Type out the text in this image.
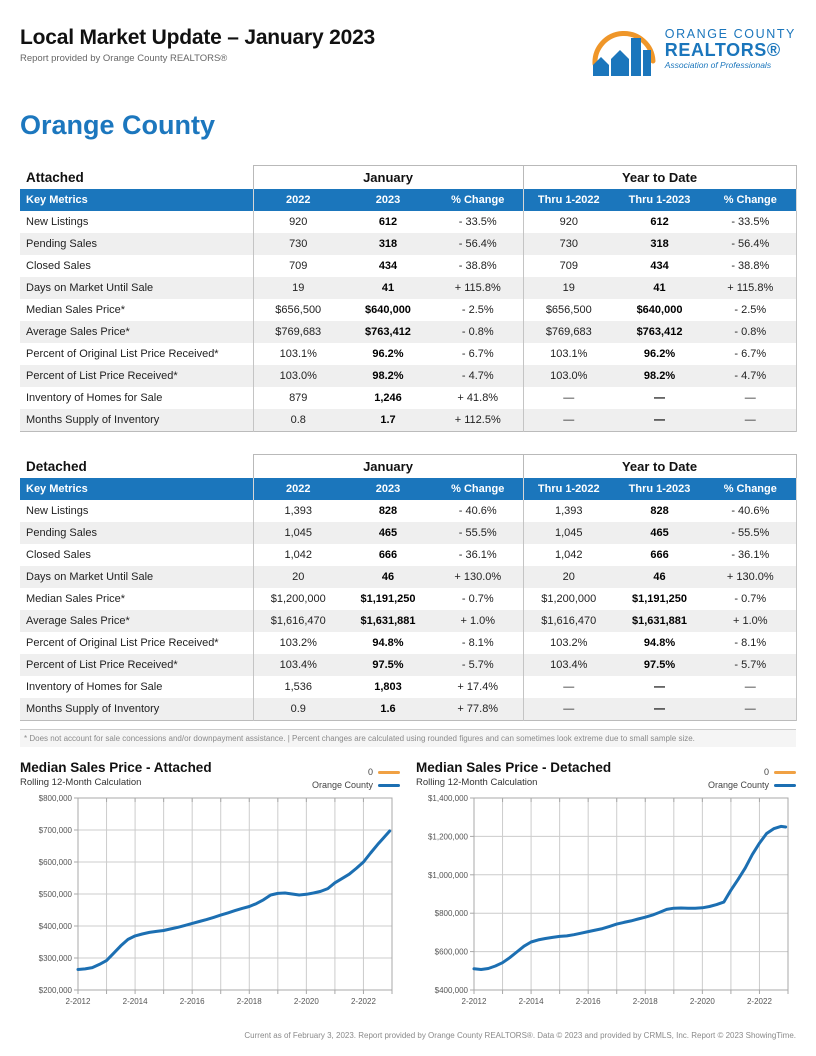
Local Market Update – January 2023
Report provided by Orange County REALTORS®
ORANGE COUNTY
REALTORS®
Association of Professionals
Orange County
Attached	January			Year to Date		
Key Metrics	2022	2023	% Change	Thru 1-2022	Thru 1-2023	% Change
New Listings	920	612	- 33.5%	920	612	- 33.5%
Pending Sales	730	318	- 56.4%	730	318	- 56.4%
Closed Sales	709	434	- 38.8%	709	434	- 38.8%
Days on Market Until Sale	19	41	+ 115.8%	19	41	+ 115.8%
Median Sales Price*	$656,500	$640,000	- 2.5%	$656,500	$640,000	- 2.5%
Average Sales Price*	$769,683	$763,412	- 0.8%	$769,683	$763,412	- 0.8%
Percent of Original List Price Received*	103.1%	96.2%	- 6.7%	103.1%	96.2%	- 6.7%
Percent of List Price Received*	103.0%	98.2%	- 4.7%	103.0%	98.2%	- 4.7%
Inventory of Homes for Sale	879	1,246	+ 41.8%	—	—	—
Months Supply of Inventory	0.8	1.7	+ 112.5%	—	—	—
Detached	January			Year to Date		
Key Metrics	2022	2023	% Change	Thru 1-2022	Thru 1-2023	% Change
New Listings	1,393	828	- 40.6%	1,393	828	- 40.6%
Pending Sales	1,045	465	- 55.5%	1,045	465	- 55.5%
Closed Sales	1,042	666	- 36.1%	1,042	666	- 36.1%
Days on Market Until Sale	20	46	+ 130.0%	20	46	+ 130.0%
Median Sales Price*	$1,200,000	$1,191,250	- 0.7%	$1,200,000	$1,191,250	- 0.7%
Average Sales Price*	$1,616,470	$1,631,881	+ 1.0%	$1,616,470	$1,631,881	+ 1.0%
Percent of Original List Price Received*	103.2%	94.8%	- 8.1%	103.2%	94.8%	- 8.1%
Percent of List Price Received*	103.4%	97.5%	- 5.7%	103.4%	97.5%	- 5.7%
Inventory of Homes for Sale	1,536	1,803	+ 17.4%	—	—	—
Months Supply of Inventory	0.9	1.6	+ 77.8%	—	—	—
* Does not account for sale concessions and/or downpayment assistance. | Percent changes are calculated using rounded figures and can sometimes look extreme due to small sample size.
Median Sales Price - Attached
Rolling 12-Month Calculation
0
Orange County
$200,000
$300,000
$400,000
$500,000
$600,000
$700,000
$800,000
2-2012	2-2014	2-2016	2-2018	2-2020	2-2022
Median Sales Price - Detached
Rolling 12-Month Calculation
0
Orange County
$400,000
$600,000
$800,000
$1,000,000
$1,200,000
$1,400,000
2-2012	2-2014	2-2016	2-2018	2-2020	2-2022
Current as of February 3, 2023. Report provided by Orange County REALTORS®. Data © 2023 and provided by CRMLS, Inc. Report © 2023 ShowingTime.
